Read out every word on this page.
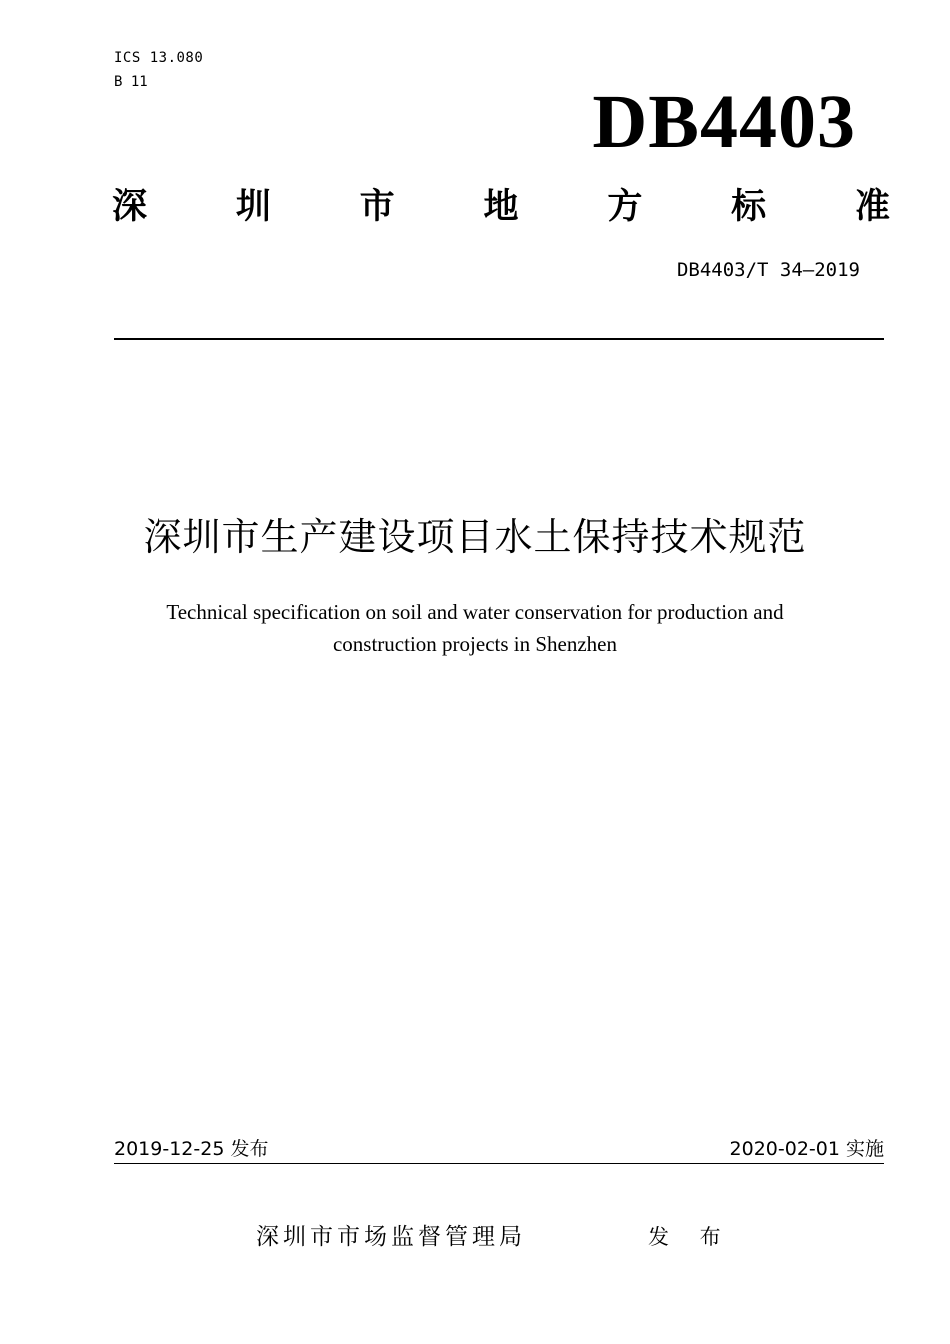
ICS 13.080
B 11	DB4403
深	圳	市	地	方	标	准
DB4403/T 34—2019
深圳市生产建设项目水土保持技术规范
Technical specification on soil and water conservation for production and
construction projects in Shenzhen
2019-12-25 发布	2020-02-01 实施
深圳市市场监督管理局	发 布
